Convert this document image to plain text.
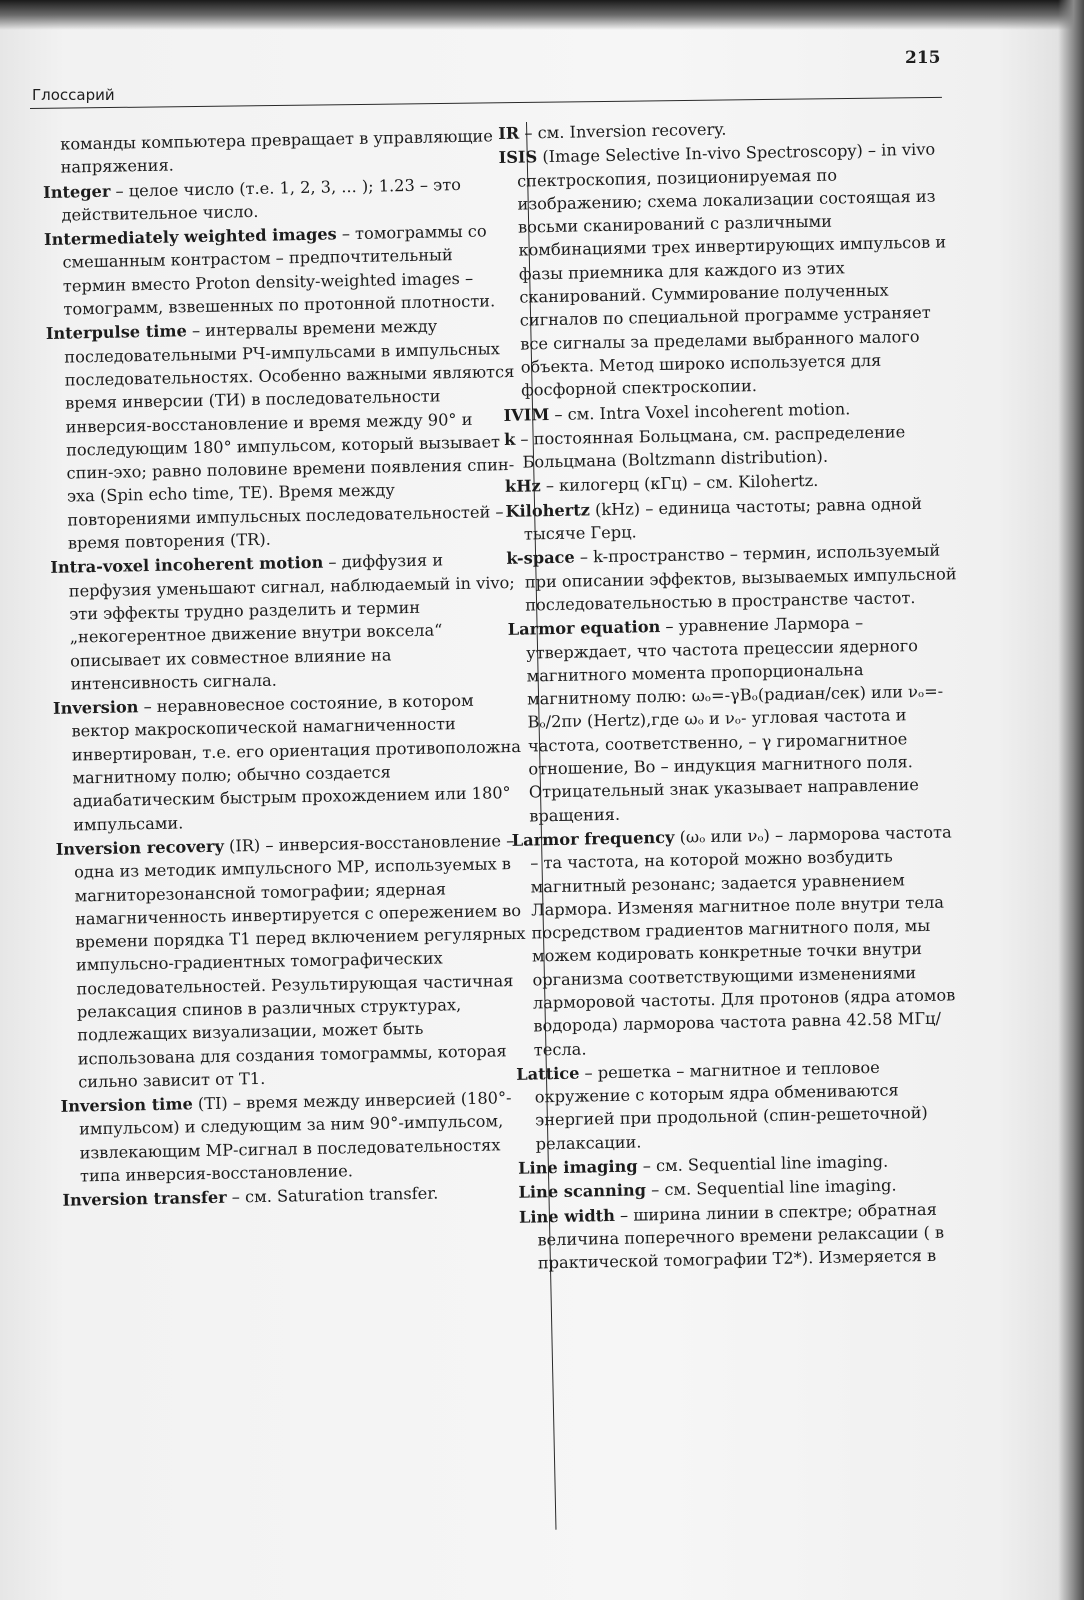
215
Глоссарий

команды компьютера превращает в управляющие напряжения.

Integer – целое число (т.е. 1, 2, 3, ... ); 1.23 – это действительное число.

Intermediately weighted images – томограммы со смешанным контрастом – предпочтительный термин вместо Proton density-weighted images – томограмм, взвешенных по протонной плотности.

Interpulse time – интервалы времени между последовательными РЧ-импульсами в импульсных последовательностях. Особенно важными являются время инверсии (ТИ) в последовательности инверсия-восстановление и время между 90° и последующим 180° импульсом, который вызывает спин-эхо; равно половине времени появления спин-эха (Spin echo time, ТЕ). Время между повторениями импульсных последовательностей – время повторения (TR).

Intra-voxel incoherent motion – диффузия и перфузия уменьшают сигнал, наблюдаемый in vivo; эти эффекты трудно разделить и термин „некогерентное движение внутри воксела“ описывает их совместное влияние на интенсивность сигнала.

Inversion – неравновесное состояние, в котором вектор макроскопической намагниченности инвертирован, т.е. его ориентация противоположна магнитному полю; обычно создается адиабатическим быстрым прохождением или 180° импульсами.

Inversion recovery (IR) – инверсия-восстановление – одна из методик импульсного МР, используемых в магниторезонансной томографии; ядерная намагниченность инвертируется с опережением во времени порядка Т1 перед включением регулярных импульсно-градиентных томографических последовательностей. Результирующая частичная релаксация спинов в различных структурах, подлежащих визуализации, может быть использована для создания томограммы, которая сильно зависит от Т1.

Inversion time (TI) – время между инверсией (180°-импульсом) и следующим за ним 90°-импульсом, извлекающим МР-сигнал в последовательностях типа инверсия-восстановление.

Inversion transfer – см. Saturation transfer.

IR – см. Inversion recovery.

ISIS (Image Selective In-vivo Spectroscopy) – in vivo спектроскопия, позиционируемая по изображению; схема локализации состоящая из восьми сканирований с различными комбинациями трех инвертирующих импульсов и фазы приемника для каждого из этих сканирований. Суммирование полученных сигналов по специальной программе устраняет все сигналы за пределами выбранного малого объекта. Метод широко используется для фосфорной спектроскопии.

IVIM – см. Intra Voxel incoherent motion.

k – постоянная Больцмана, см. распределение Больцмана (Boltzmann distribution).

kHz – килогерц (кГц) – см. Kilohertz.

Kilohertz (kHz) – единица частоты; равна одной тысяче Герц.

k-space – k-пространство – термин, используемый при описании эффектов, вызываемых импульсной последовательностью в пространстве частот.

Larmor equation – уравнение Лармора – утверждает, что частота прецессии ядерного магнитного момента пропорциональна магнитному полю: ωₒ=-γBₒ(радиан/сек) или νₒ=-Bₒ/2πν (Hertz),где ωₒ и νₒ- угловая частота и частота, соответственно, – γ гиромагнитное отношение, Во – индукция магнитного поля. Отрицательный знак указывает направление вращения.

Larmor frequency (ωₒ или νₒ) – ларморова частота – та частота, на которой можно возбудить магнитный резонанс; задается уравнением Лармора. Изменяя магнитное поле внутри тела посредством градиентов магнитного поля, мы можем кодировать конкретные точки внутри организма соответствующими изменениями ларморовой частоты. Для протонов (ядра атомов водорода) ларморова частота равна 42.58 МГц/тесла.

Lattice – решетка – магнитное и тепловое окружение с которым ядра обмениваются энергией при продольной (спин-решеточной) релаксации.

Line imaging – см. Sequential line imaging.

Line scanning – см. Sequential line imaging.

Line width – ширина линии в спектре; обратная величина поперечного времени релаксации ( в практической томографии Т2*). Измеряется в
